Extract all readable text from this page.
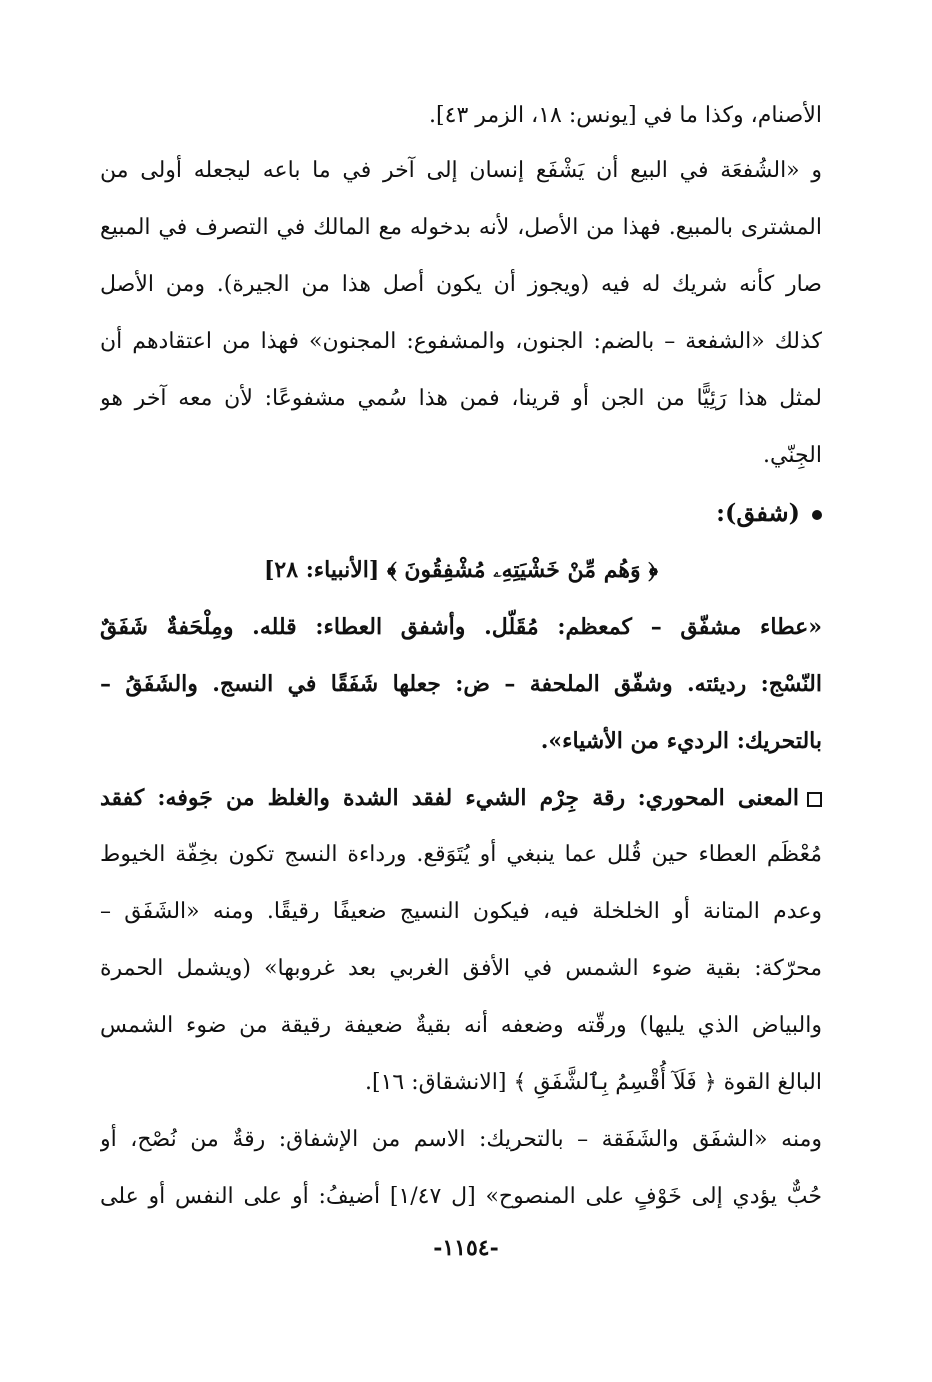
الأصنام، وكذا ما في [يونس: ١٨، الزمر ٤٣].
و «الشُفعَة في البيع أن يَشْفَع إنسان إلى آخر في ما باعه ليجعله أولى من
المشترى بالمبيع. فهذا من الأصل، لأنه بدخوله مع المالك في التصرف في المبيع
صار كأنه شريك له فيه (ويجوز أن يكون أصل هذا من الجيرة). ومن الأصل
كذلك «الشفعة – بالضم: الجنون، والمشفوع: المجنون» فهذا من اعتقادهم أن
لمثل هذا رَئِيًّا من الجن أو قرينا، فمن هذا سُمي مشفوعًا: لأن معه آخر هو
الجِنّي.
(شفق):
﴿ وَهُم مِّنْ خَشْيَتِهِۦ مُشْفِقُونَ ﴾ [الأنبياء: ٢٨]
«عطاء مشفّق – كمعظم: مُقَلّل. وأشفق العطاء: قلله. ومِلْحَفةٌ شَفَقٌ
النّسْج: رديئته. وشفّق الملحفة – ض: جعلها شَفَقًا في النسج. والشَفَقُ –
بالتحريك: الرديء من الأشياء».
المعنى المحوري: رقة جِرْم الشيء لفقد الشدة والغلظ من جَوفه: كفقد
مُعْظَم العطاء حين قُلل عما ينبغي أو يُتَوَقع. ورداءة النسج تكون بخِفّة الخيوط
وعدم المتانة أو الخلخلة فيه، فيكون النسيج ضعيفًا رقيقًا. ومنه «الشَفَق –
محرّكة: بقية ضوء الشمس في الأفق الغربي بعد غروبها» (ويشمل الحمرة
والبياض الذي يليها) ورقّته وضعفه أنه بقيةٌ ضعيفة رقيقة من ضوء الشمس
البالغ القوة ﴿ فَلَآ أُقْسِمُ بِٱلشَّفَقِ ﴾ [الانشقاق: ١٦].
ومنه «الشفَق والشَفَقة – بالتحريك: الاسم من الإشفاق: رقةٌ من نُصْح، أو
حُبٌّ يؤدي إلى خَوْفٍ على المنصوح» [ل ١/٤٧] أضيفُ: أو على النفس أو على
-١١٥٤-
